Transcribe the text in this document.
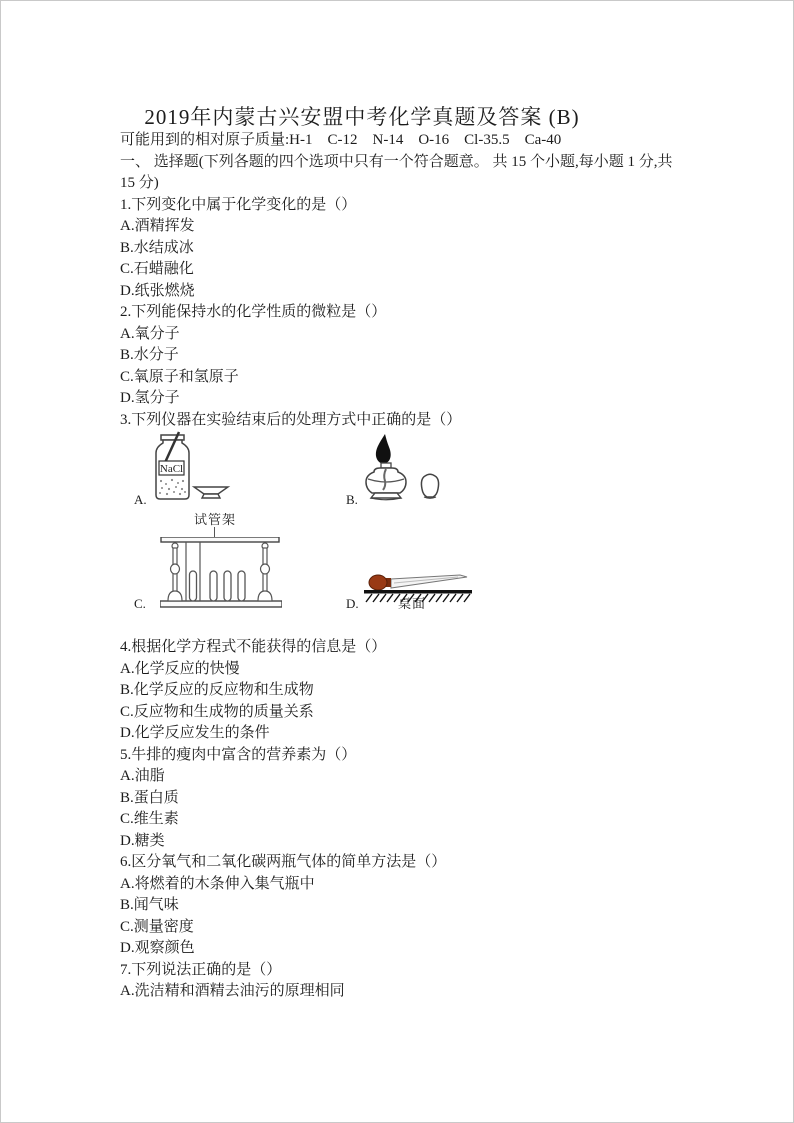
2019年内蒙古兴安盟中考化学真题及答案 (B)

可能用到的相对原子质量:H-1    C-12    N-14    O-16    Cl-35.5    Ca-40

一、 选择题(下列各题的四个选项中只有一个符合题意。 共 15 个小题,每小题 1 分,共 15 分)

1.下列变化中属于化学变化的是（）

A.酒精挥发

B.水结成冰

C.石蜡融化

D.纸张燃烧

2.下列能保持水的化学性质的微粒是（）

A.氧分子

B.水分子

C.氧原子和氢原子

D.氢分子

3.下列仪器在实验结束后的处理方式中正确的是（）

NaCl
A.	B.
试管架
C.	桌面
D.

4.根据化学方程式不能获得的信息是（）

A.化学反应的快慢

B.化学反应的反应物和生成物

C.反应物和生成物的质量关系

D.化学反应发生的条件

5.牛排的瘦肉中富含的营养素为（）

A.油脂

B.蛋白质

C.维生素

D.糖类

6.区分氧气和二氧化碳两瓶气体的简单方法是（）

A.将燃着的木条伸入集气瓶中

B.闻气味

C.测量密度

D.观察颜色

7.下列说法正确的是（）

A.洗洁精和酒精去油污的原理相同
